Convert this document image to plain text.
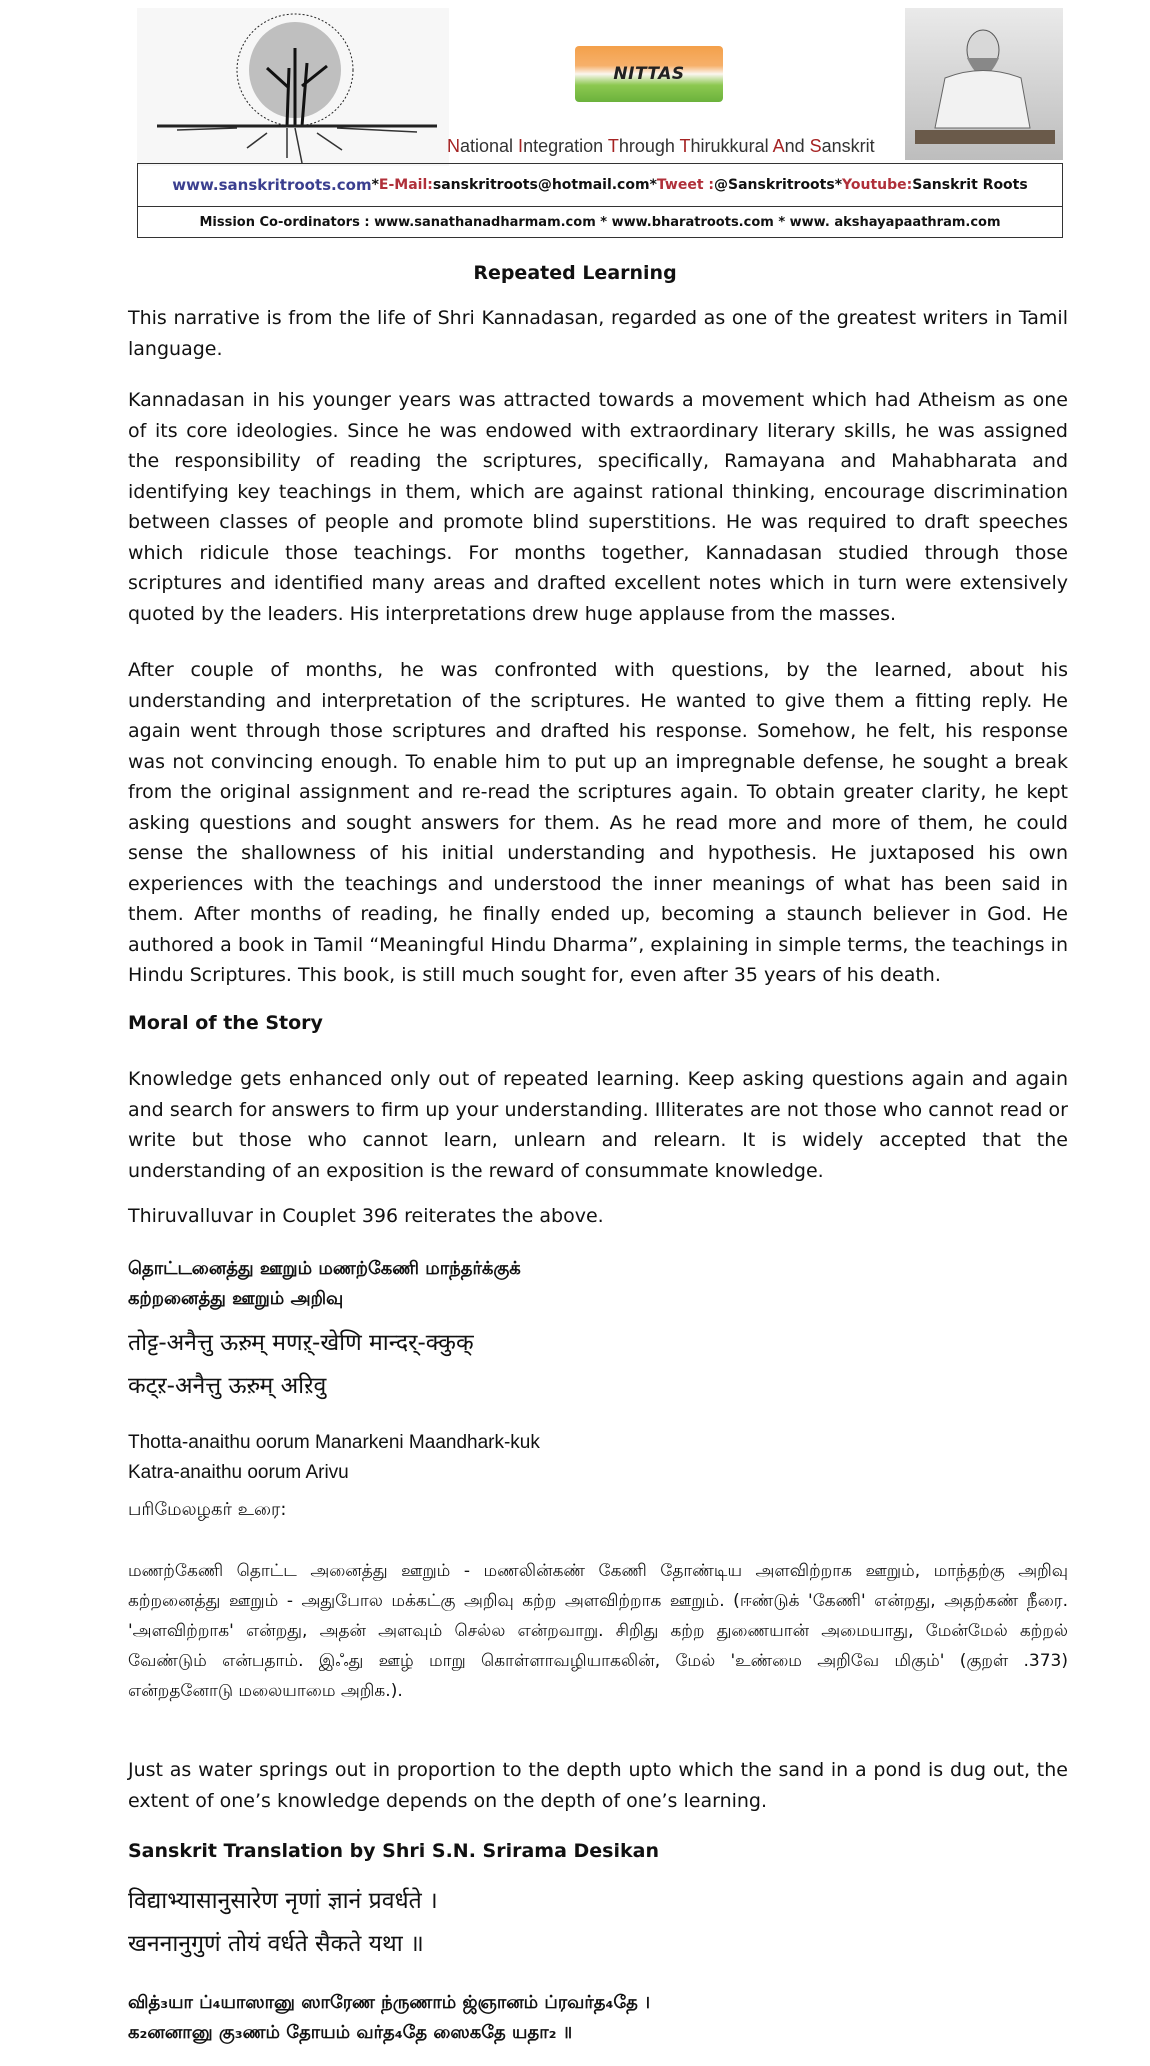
NITTAS
National Integration Through Thirukkural And Sanskrit
www.sanskritroots.com * E-Mail: sanskritroots@hotmail.com * Tweet : @Sanskritroots * Youtube: Sanskrit Roots
Mission Co-ordinators : www.sanathanadharmam.com * www.bharatroots.com * www. akshayapaathram.com
Repeated Learning

This narrative is from the life of Shri Kannadasan, regarded as one of the greatest writers in Tamil language.

Kannadasan in his younger years was attracted towards a movement which had Atheism as one of its core ideologies. Since he was endowed with extraordinary literary skills, he was assigned the responsibility of reading the scriptures, specifically, Ramayana and Mahabharata and identifying key teachings in them, which are against rational thinking, encourage discrimination between classes of people and promote blind superstitions. He was required to draft speeches which ridicule those teachings. For months together, Kannadasan studied through those scriptures and identified many areas and drafted excellent notes which in turn were extensively quoted by the leaders. His interpretations drew huge applause from the masses.

After couple of months, he was confronted with questions, by the learned, about his understanding and interpretation of the scriptures. He wanted to give them a fitting reply. He again went through those scriptures and drafted his response. Somehow, he felt, his response was not convincing enough. To enable him to put up an impregnable defense, he sought a break from the original assignment and re-read the scriptures again. To obtain greater clarity, he kept asking questions and sought answers for them. As he read more and more of them, he could sense the shallowness of his initial understanding and hypothesis. He juxtaposed his own experiences with the teachings and understood the inner meanings of what has been said in them. After months of reading, he finally ended up, becoming a staunch believer in God. He authored a book in Tamil “Meaningful Hindu Dharma”, explaining in simple terms, the teachings in Hindu Scriptures. This book, is still much sought for, even after 35 years of his death.

Moral of the Story

Knowledge gets enhanced only out of repeated learning. Keep asking questions again and again and search for answers to firm up your understanding. Illiterates are not those who cannot read or write but those who cannot learn, unlearn and relearn. It is widely accepted that the understanding of an exposition is the reward of consummate knowledge.

Thiruvalluvar in Couplet 396 reiterates the above.

தொட்டனைத்து ஊறும் மணற்கேணி மாந்தர்க்குக்

கற்றனைத்து ஊறும் அறிவு

तोट्ट-अनैत्तु ऊऱुम् मणऱ्-खेणि मान्दर्-क्कुक्

कट्ऱ-अनैत्तु ऊऱुम् अऱिवु

Thotta-anaithu oorum Manarkeni Maandhark-kuk

Katra-anaithu oorum Arivu

பரிமேலழகர் உரை:

மணற்கேணி தொட்ட அனைத்து ஊறும் - மணலின்கண் கேணி தோண்டிய அளவிற்றாக ஊறும், மாந்தற்கு அறிவு கற்றனைத்து ஊறும் - அதுபோல மக்கட்கு அறிவு கற்ற அளவிற்றாக ஊறும். (ஈண்டுக் 'கேணி' என்றது, அதற்கண் நீரை. 'அளவிற்றாக' என்றது, அதன் அளவும் செல்ல என்றவாறு. சிறிது கற்ற துணையான் அமையாது, மேன்மேல் கற்றல் வேண்டும் என்பதாம். இஃது ஊழ் மாறு கொள்ளாவழியாகலின், மேல் 'உண்மை அறிவே மிகும்' (குறள் .373) என்றதனோடு மலையாமை அறிக.).

Just as water springs out in proportion to the depth upto which the sand in a pond is dug out, the extent of one’s knowledge depends on the depth of one’s learning.

Sanskrit Translation by Shri S.N. Srirama Desikan

विद्याभ्यासानुसारेण नृणां ज्ञानं प्रवर्धते ।

खननानुगुणं तोयं वर्धते सैकते यथा ॥

வித்₃யா ப்₄யாஸானு ஸாரேண ந்ருணாம் ஜ்ஞானம் ப்ரவர்த₄தே ।

க₂னனானு கு₃ணம் தோயம் வர்த₄தே ஸைகதே யதா₂ ॥
